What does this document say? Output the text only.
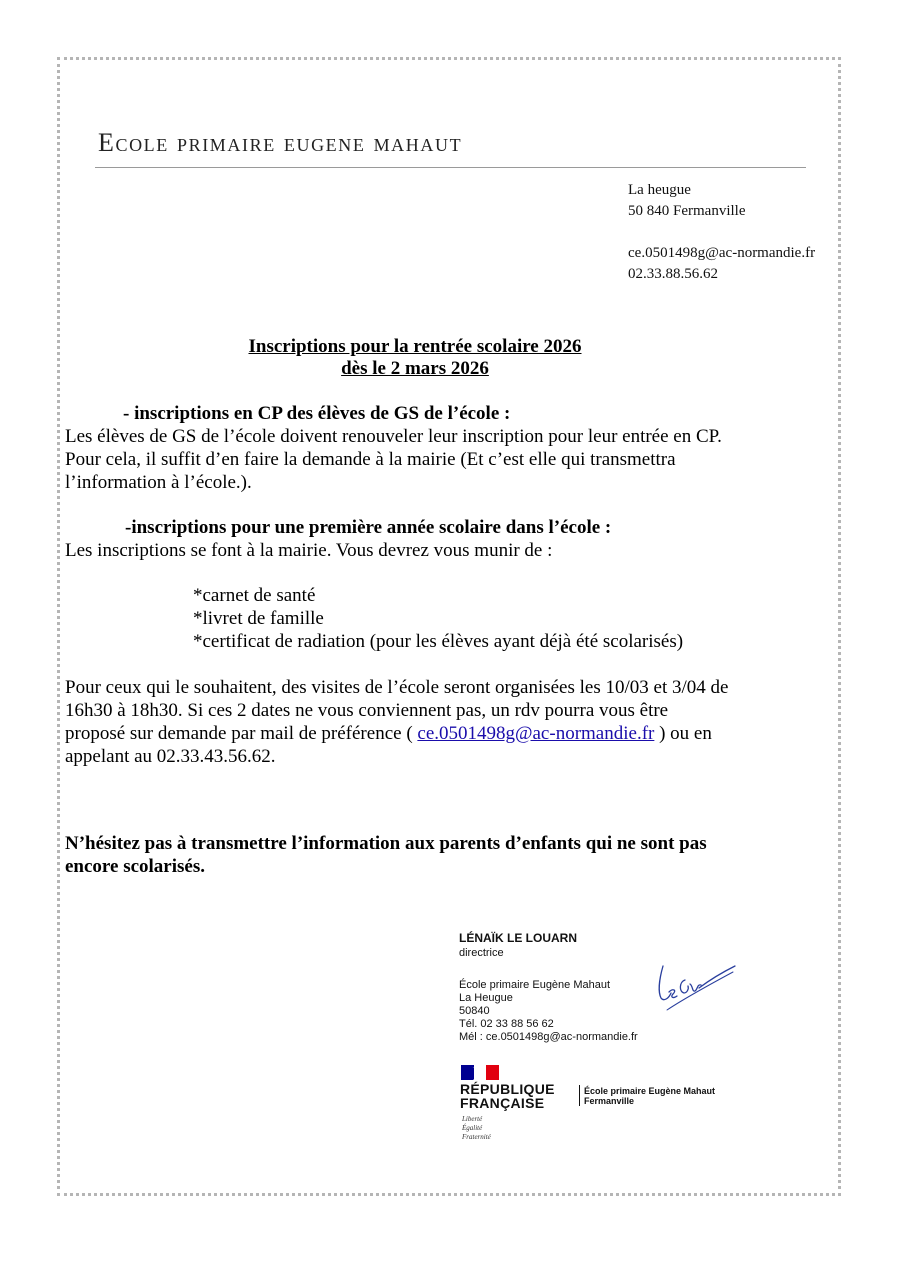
Ecole primaire eugene mahaut
La heugue
50 840 Fermanville
ce.0501498g@ac-normandie.fr
02.33.88.56.62
Inscriptions pour la rentrée scolaire 2026
dès le 2 mars 2026
- inscriptions en CP des élèves de GS de l’école :
Les élèves de GS de l’école doivent renouveler leur inscription pour leur entrée en CP.
Pour cela, il suffit d’en faire la demande à la mairie (Et c’est elle qui transmettra
l’information à l’école.).
-inscriptions pour une première année scolaire dans l’école :
Les inscriptions se font à la mairie. Vous devrez vous munir de :
*carnet de santé
*livret de famille
*certificat de radiation (pour les élèves ayant déjà été scolarisés)
Pour ceux qui le souhaitent, des visites de l’école seront organisées les 10/03 et 3/04 de
16h30 à 18h30. Si ces 2 dates ne vous conviennent pas, un rdv pourra vous être
proposé sur demande par mail de préférence ( ce.0501498g@ac-normandie.fr ) ou en
appelant au 02.33.43.56.62.
N’hésitez pas à transmettre l’information aux parents d’enfants qui ne sont pas
encore scolarisés.
LÉNAÏK LE LOUARN
directrice
École primaire Eugène Mahaut
La Heugue
50840
Tél. 02 33 88 56 62
Mél : ce.0501498g@ac-normandie.fr
RÉPUBLIQUE
FRANÇAISE
Liberté
Égalité
Fraternité
École primaire Eugène Mahaut
Fermanville
